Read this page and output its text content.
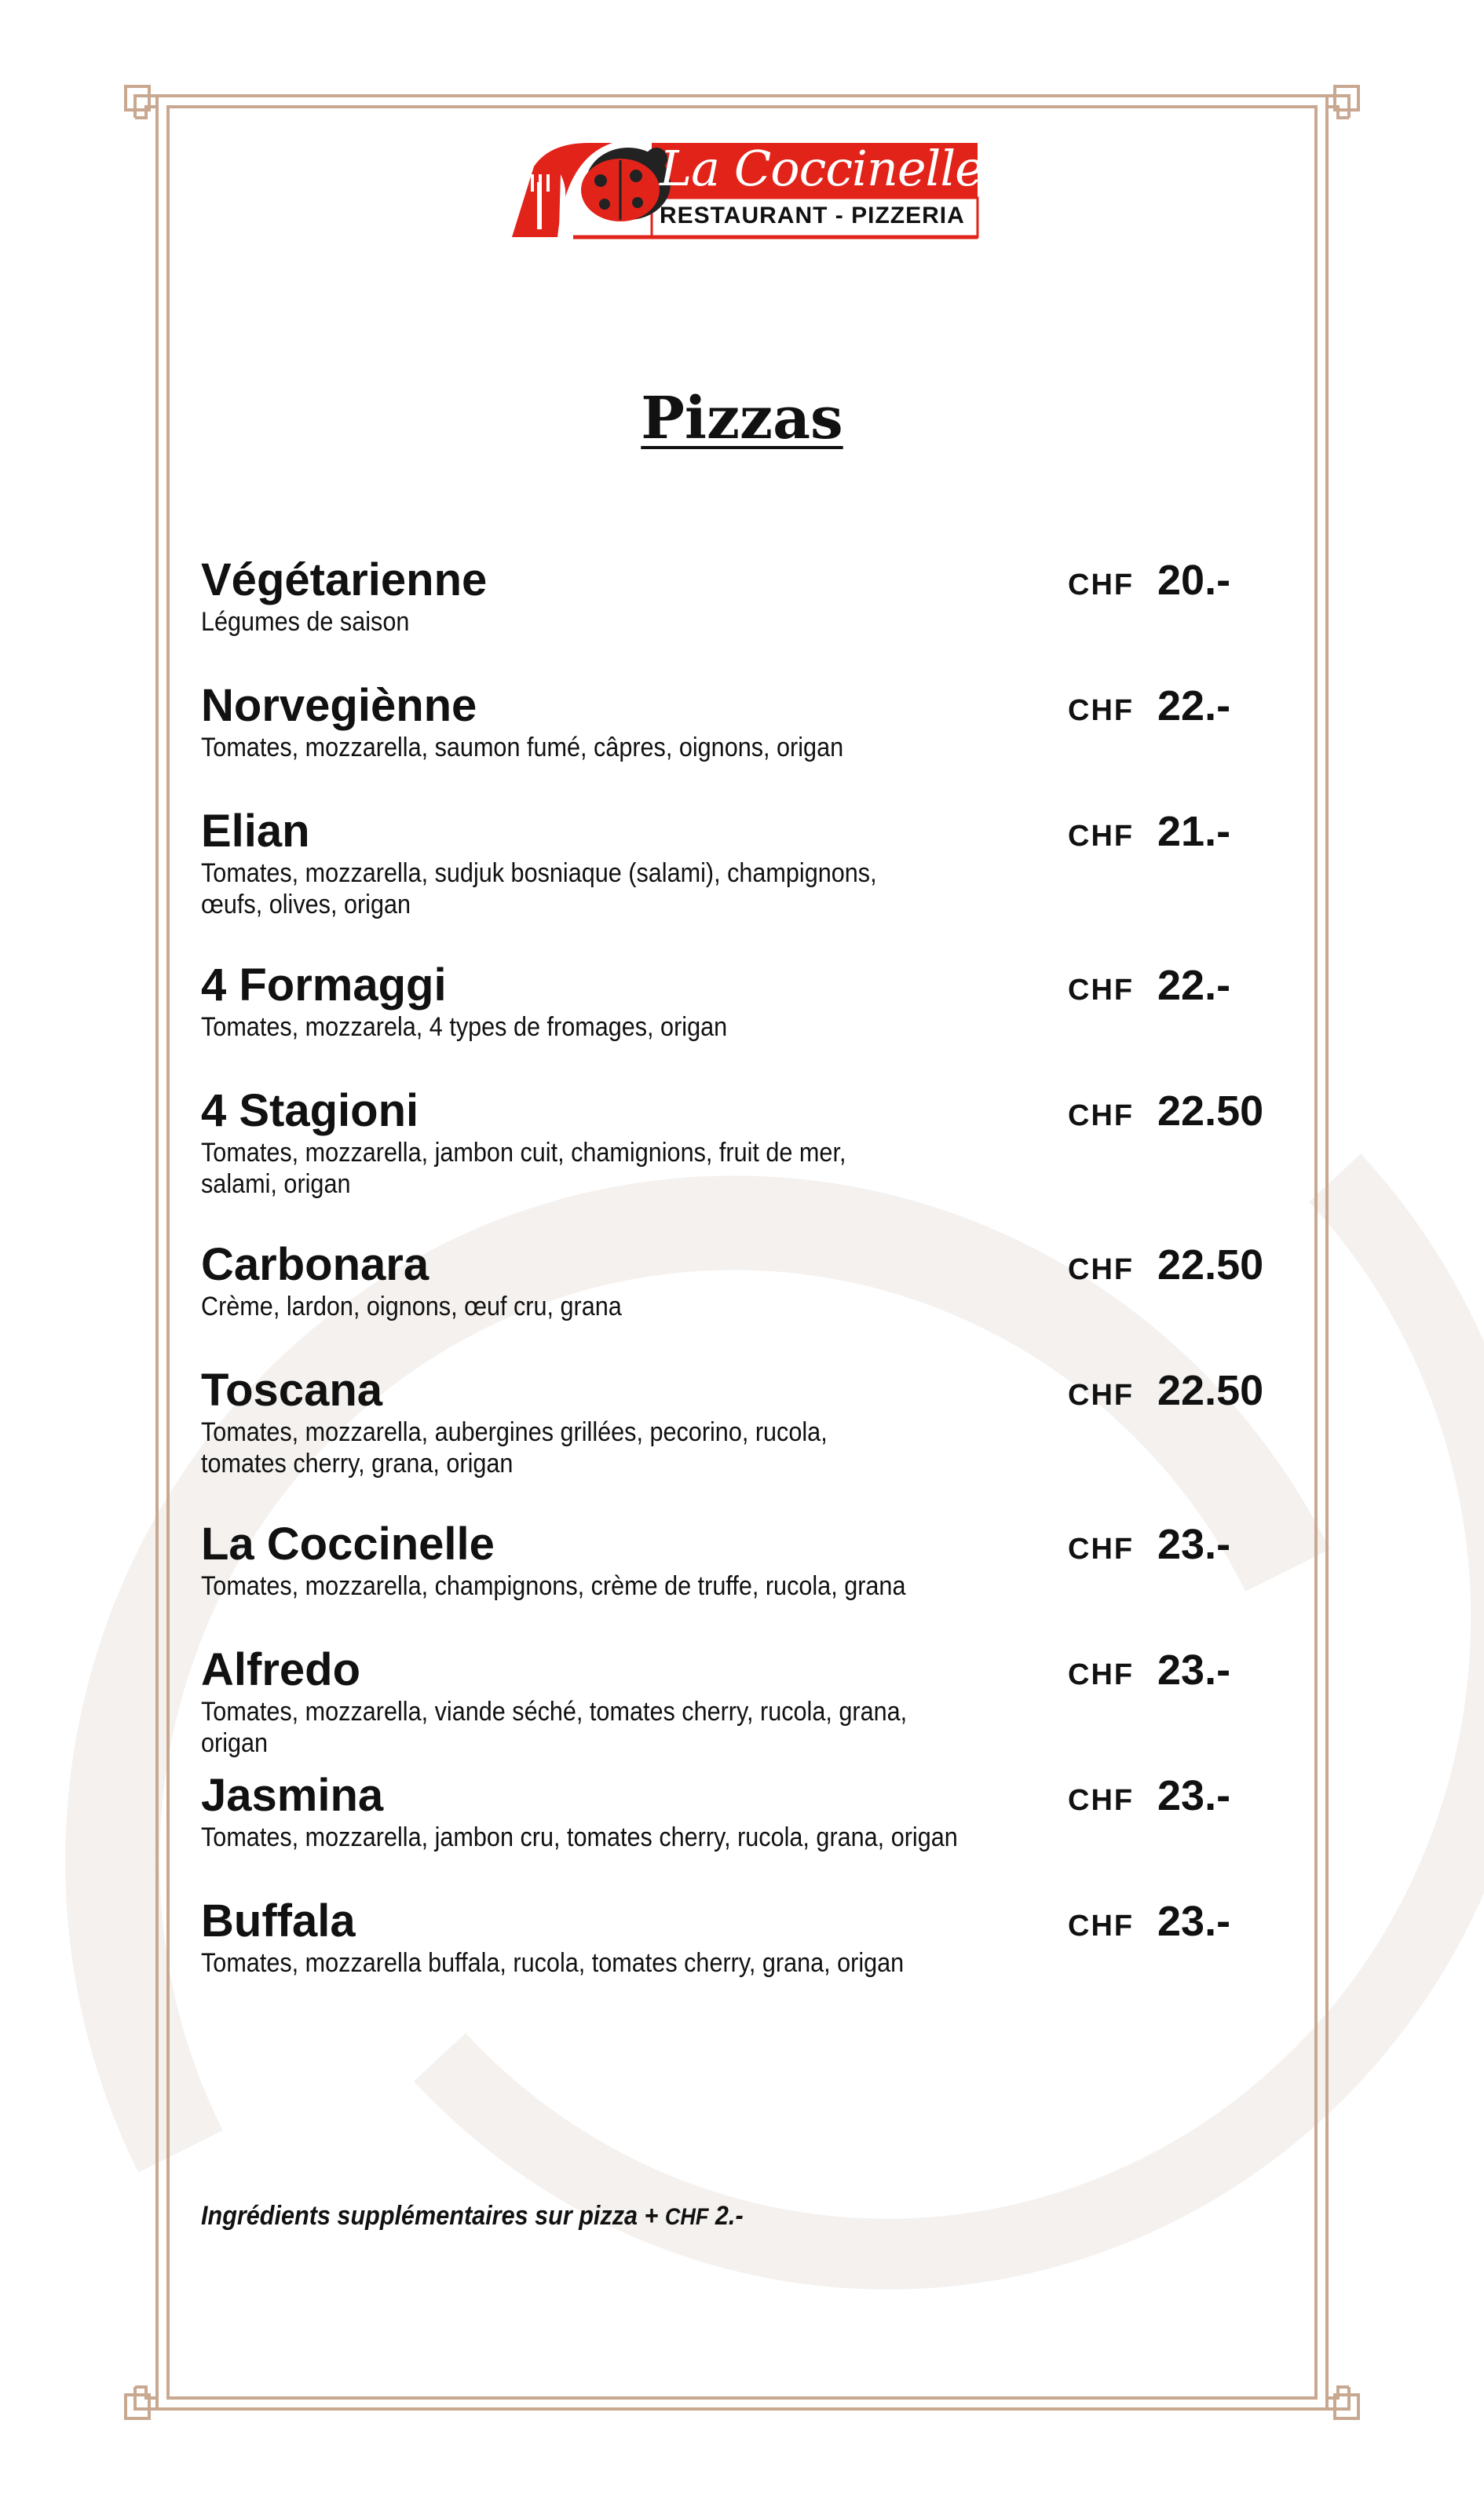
La Coccinelle
RESTAURANT - PIZZERIA
Pizzas

Végétarienne

Légumes de saison

CHF 20.-

Norvegiènne

Tomates, mozzarella, saumon fumé, câpres, oignons, origan

CHF 22.-

Elian

Tomates, mozzarella, sudjuk bosniaque (salami), champignons,
œufs, olives, origan

CHF 21.-

4 Formaggi

Tomates, mozzarela, 4 types de fromages, origan

CHF 22.-

4 Stagioni

Tomates, mozzarella, jambon cuit, chamignions, fruit de mer,
salami, origan

CHF 22.50

Carbonara

Crème, lardon, oignons, œuf cru, grana

CHF 22.50

Toscana

Tomates, mozzarella, aubergines grillées, pecorino, rucola,
tomates cherry, grana, origan

CHF 22.50

La Coccinelle

Tomates, mozzarella, champignons, crème de truffe, rucola, grana

CHF 23.-

Alfredo

Tomates, mozzarella, viande séché, tomates cherry, rucola, grana, origan

CHF 23.-

Jasmina

Tomates, mozzarella, jambon cru, tomates cherry, rucola, grana, origan

CHF 23.-

Buffala

Tomates, mozzarella buffala, rucola, tomates cherry, grana, origan

CHF 23.-
Ingrédients supplémentaires sur pizza + CHF 2.-
